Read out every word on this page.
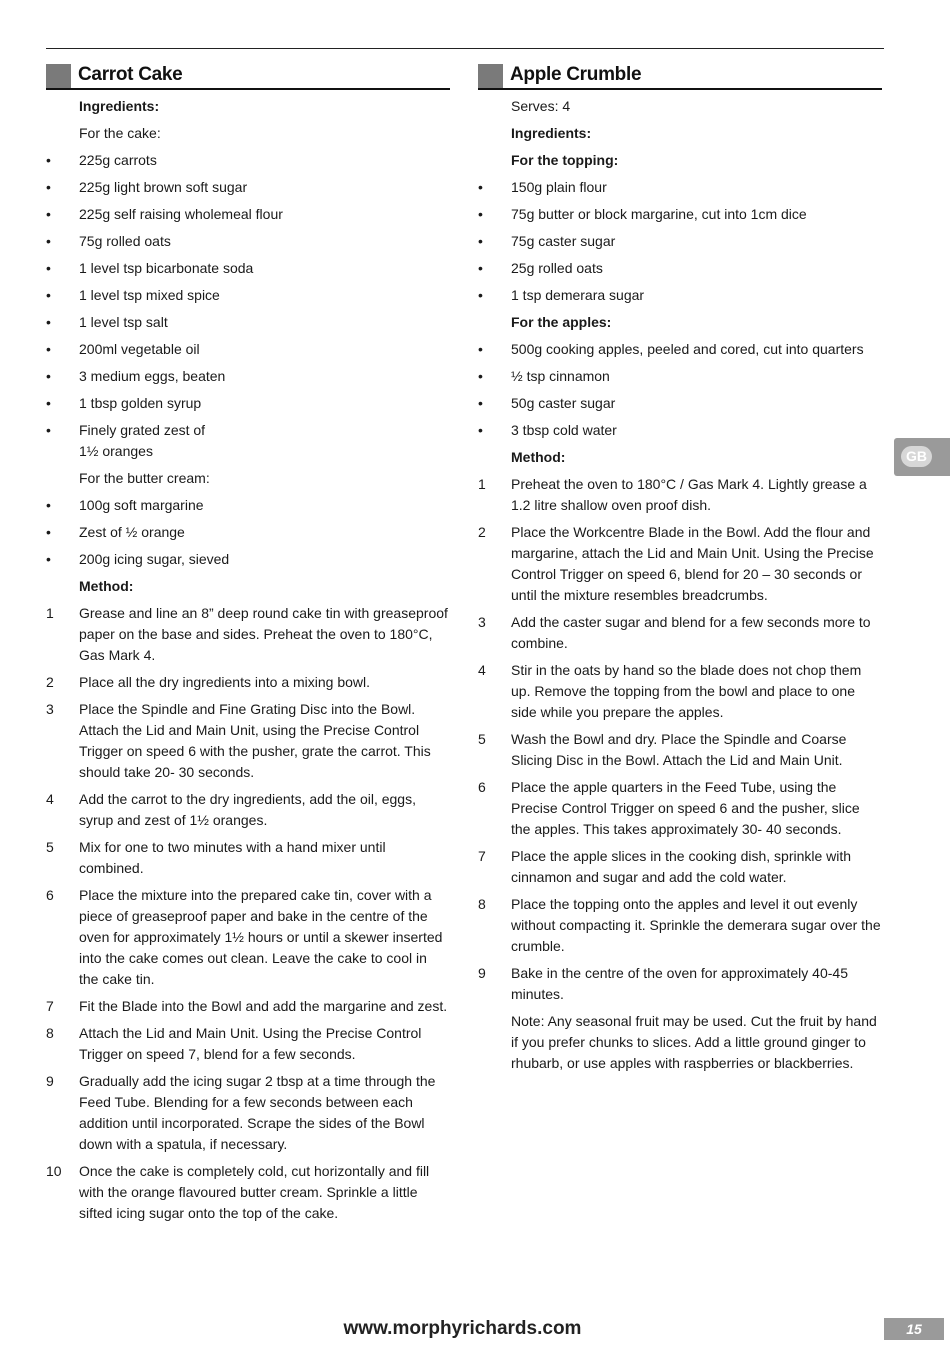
Carrot Cake
Ingredients:
For the cake:
•	225g carrots
•	225g light brown soft sugar
•	225g self raising wholemeal flour
•	75g rolled oats
•	1 level tsp bicarbonate soda
•	1 level tsp mixed spice
•	1 level tsp salt
•	200ml vegetable oil
•	3 medium eggs, beaten
•	1 tbsp golden syrup
•	Finely grated zest of
1½ oranges
For the butter cream:
•	100g soft margarine
•	Zest of ½ orange
•	200g icing sugar, sieved
Method:
1	Grease and line an 8” deep round cake tin with greaseproof paper on the base and sides. Preheat the oven to 180°C, Gas Mark 4.
2	Place all the dry ingredients into a mixing bowl.
3	Place the Spindle and Fine Grating Disc into the Bowl. Attach the Lid and Main Unit, using the Precise Control Trigger on speed 6 with the pusher, grate the carrot. This should take 20- 30 seconds.
4	Add the carrot to the dry ingredients, add the oil, eggs, syrup and zest of 1½ oranges.
5	Mix for one to two minutes with a hand mixer until combined.
6	Place the mixture into the prepared cake tin, cover with a piece of greaseproof paper and bake in the centre of the oven for approximately 1½ hours or until a skewer inserted into the cake comes out clean. Leave the cake to cool in the cake tin.
7	Fit the Blade into the Bowl and add the margarine and zest.
8	Attach the Lid and Main Unit. Using the Precise Control Trigger on speed 7, blend for a few seconds.
9	Gradually add the icing sugar 2 tbsp at a time through the Feed Tube. Blending for a few seconds between each addition until incorporated. Scrape the sides of the Bowl down with a spatula, if necessary.
10	Once the cake is completely cold, cut horizontally and fill with the orange flavoured butter cream. Sprinkle a little sifted icing sugar onto the top of the cake.
Apple Crumble
Serves: 4
Ingredients:
For the topping:
•	150g plain flour
•	75g butter or block margarine, cut into 1cm dice
•	75g caster sugar
•	25g rolled oats
•	1 tsp demerara sugar
For the apples:
•	500g cooking apples, peeled and cored, cut into quarters
•	½ tsp cinnamon
•	50g caster sugar
•	3 tbsp cold water
Method:
1	Preheat the oven to 180°C / Gas Mark 4. Lightly grease a 1.2 litre shallow oven proof dish.
2	Place the Workcentre Blade in the Bowl. Add the flour and margarine, attach the Lid and Main Unit. Using the Precise Control Trigger on speed 6, blend for 20 – 30 seconds or until the mixture resembles breadcrumbs.
3	Add the caster sugar and blend for a few seconds more to combine.
4	Stir in the oats by hand so the blade does not chop them up. Remove the topping from the bowl and place to one side while you prepare the apples.
5	Wash the Bowl and dry. Place the Spindle and Coarse Slicing Disc in the Bowl. Attach the Lid and Main Unit.
6	Place the apple quarters in the Feed Tube, using the Precise Control Trigger on speed 6 and the pusher, slice the apples. This takes approximately 30- 40 seconds.
7	Place the apple slices in the cooking dish, sprinkle with cinnamon and sugar and add the cold water.
8	Place the topping onto the apples and level it out evenly without compacting it. Sprinkle the demerara sugar over the crumble.
9	Bake in the centre of the oven for approximately 40-45 minutes.
Note: Any seasonal fruit may be used. Cut the fruit by hand if you prefer chunks to slices. Add a little ground ginger to rhubarb, or use apples with raspberries or blackberries.
GB
www.morphyrichards.com	15
